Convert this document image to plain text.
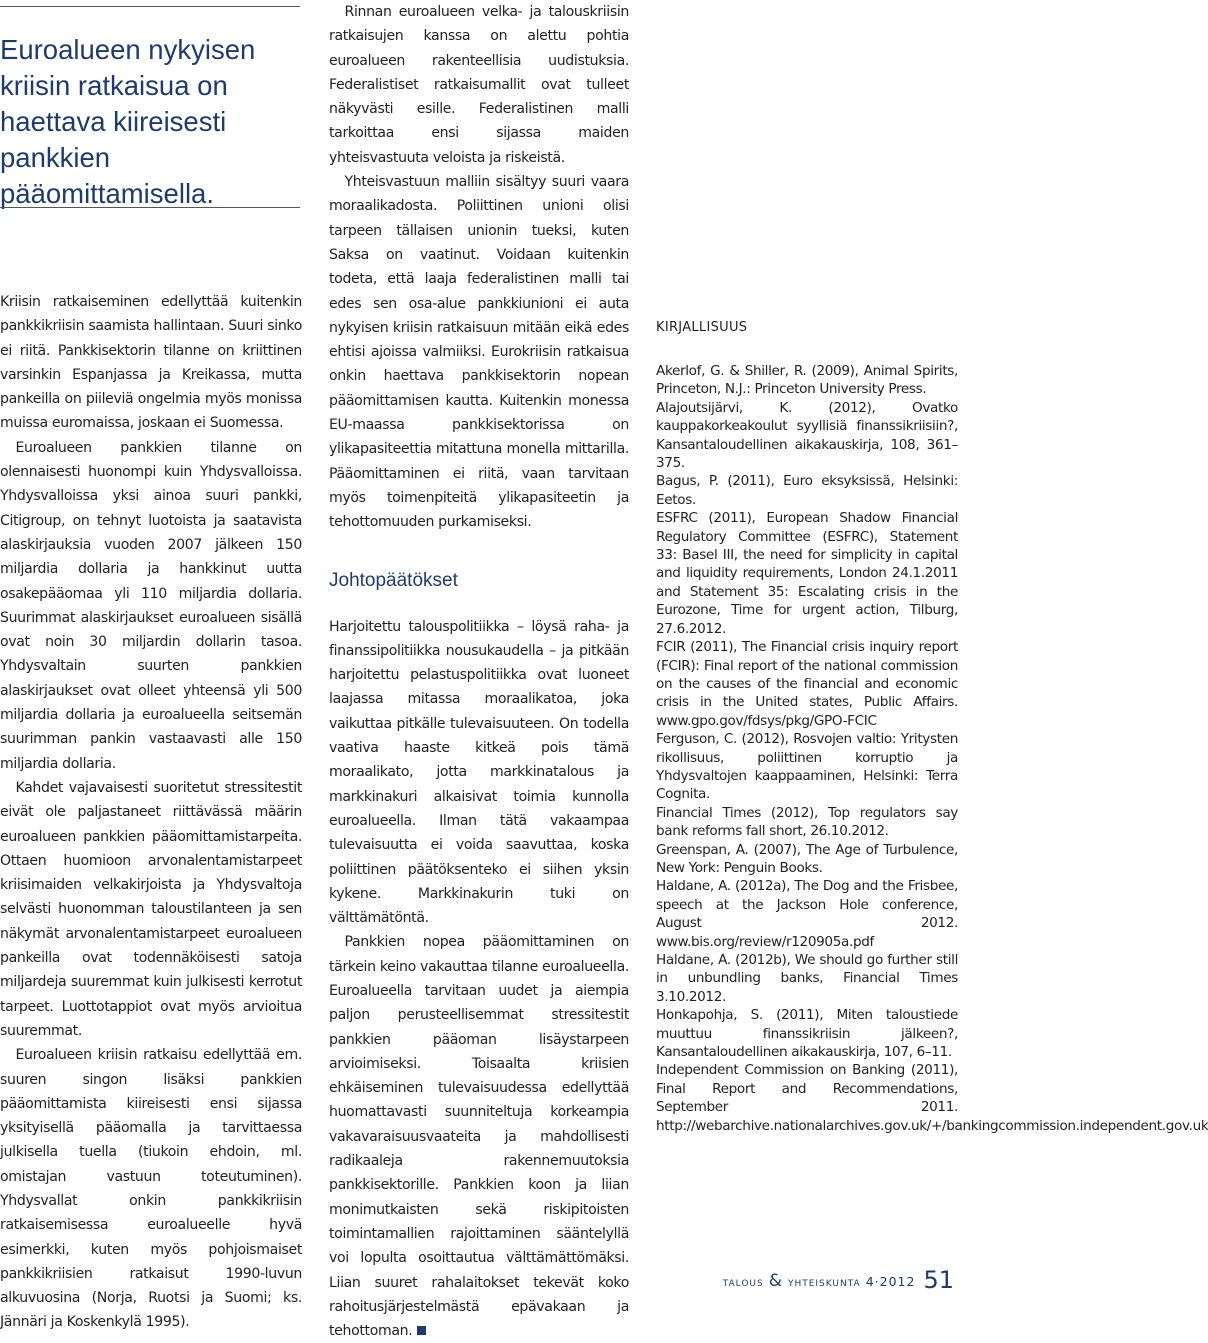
Euroalueen nykyisen kriisin ratkaisua on haettava kiireisesti pankkien pääomittamisella.

Kriisin ratkaiseminen edellyttää kuitenkin pankkikriisin saamista hallintaan. Suuri sinko ei riitä. Pankkisektorin tilanne on kriittinen varsinkin Espanjassa ja Kreikassa, mutta pankeilla on piileviä ongelmia myös monissa muissa euromaissa, joskaan ei Suomessa.

Euroalueen pankkien tilanne on olennaisesti huonompi kuin Yhdysvalloissa. Yhdysvalloissa yksi ainoa suuri pankki, Citigroup, on tehnyt luotoista ja saatavista alaskirjauksia vuoden 2007 jälkeen 150 miljardia dollaria ja hankkinut uutta osakepääomaa yli 110 miljardia dollaria. Suurimmat alaskirjaukset euroalueen sisällä ovat noin 30 miljardin dollarin tasoa. Yhdysvaltain suurten pankkien alaskirjaukset ovat olleet yhteensä yli 500 miljardia dollaria ja euroalueella seitsemän suurimman pankin vastaavasti alle 150 miljardia dollaria.

Kahdet vajavaisesti suoritetut stressitestit eivät ole paljastaneet riittävässä määrin euroalueen pankkien pääomittamistarpeita. Ottaen huomioon arvonalentamistarpeet kriisimaiden velkakirjoista ja Yhdysvaltoja selvästi huonomman taloustilanteen ja sen näkymät arvonalentamistarpeet euroalueen pankeilla ovat todennäköisesti satoja miljardeja suuremmat kuin julkisesti kerrotut tarpeet. Luottotappiot ovat myös arvioitua suuremmat.

Euroalueen kriisin ratkaisu edellyttää em. suuren singon lisäksi pankkien pääomittamista kiireisesti ensi sijassa yksityisellä pääomalla ja tarvittaessa julkisella tuella (tiukoin ehdoin, ml. omistajan vastuun toteutuminen). Yhdysvallat onkin pankkikriisin ratkaisemisessa euroalueelle hyvä esimerkki, kuten myös pohjoismaiset pankkikriisien ratkaisut 1990-luvun alkuvuosina (Norja, Ruotsi ja Suomi; ks. Jännäri ja Koskenkylä 1995).

Rinnan euroalueen velka- ja talouskriisin ratkaisujen kanssa on alettu pohtia euroalueen rakenteellisia uudistuksia. Federalistiset ratkaisumallit ovat tulleet näkyvästi esille. Federalistinen malli tarkoittaa ensi sijassa maiden yhteisvastuuta veloista ja riskeistä.

Yhteisvastuun malliin sisältyy suuri vaara moraalikadosta. Poliittinen unioni olisi tarpeen tällaisen unionin tueksi, kuten Saksa on vaatinut. Voidaan kuitenkin todeta, että laaja federalistinen malli tai edes sen osa-alue pankkiunioni ei auta nykyisen kriisin ratkaisuun mitään eikä edes ehtisi ajoissa valmiiksi. Eurokriisin ratkaisua onkin haettava pankkisektorin nopean pääomittamisen kautta. Kuitenkin monessa EU-maassa pankkisektorissa on ylikapasiteettia mitattuna monella mittarilla. Pääomittaminen ei riitä, vaan tarvitaan myös toimenpiteitä ylikapasiteetin ja tehottomuuden purkamiseksi.

Johtopäätökset

Harjoitettu talouspolitiikka – löysä raha- ja finanssipolitiikka nousukaudella – ja pitkään harjoitettu pelastuspolitiikka ovat luoneet laajassa mitassa moraalikatoa, joka vaikuttaa pitkälle tulevaisuuteen. On todella vaativa haaste kitkeä pois tämä moraalikato, jotta markkinatalous ja markkinakuri alkaisivat toimia kunnolla euroalueella. Ilman tätä vakaampaa tulevaisuutta ei voida saavuttaa, koska poliittinen päätöksenteko ei siihen yksin kykene. Markkinakurin tuki on välttämätöntä.

Pankkien nopea pääomittaminen on tärkein keino vakauttaa tilanne euroalueella. Euroalueella tarvitaan uudet ja aiempia paljon perusteellisemmat stressitestit pankkien pääoman lisäystarpeen arvioimiseksi. Toisaalta kriisien ehkäiseminen tulevaisuudessa edellyttää huomattavasti suunniteltuja korkeampia vakavaraisuusvaateita ja mahdollisesti radikaaleja rakennemuutoksia pankkisektorille. Pankkien koon ja liian monimutkaisten sekä riskipitoisten toimintamallien rajoittaminen sääntelyllä voi lopulta osoittautua välttämättömäksi. Liian suuret rahalaitokset tekevät koko rahoitusjärjestelmästä epävakaan ja tehottoman.

KIRJALLISUUS
Akerlof, G. & Shiller, R. (2009), Animal Spirits, Princeton, N.J.: Princeton University Press.
Alajoutsijärvi, K. (2012), Ovatko kauppakorkeakoulut syyllisiä finanssikriisiin?, Kansantaloudellinen aikakauskirja, 108, 361–375.
Bagus, P. (2011), Euro eksyksissä, Helsinki: Eetos.
ESFRC (2011), European Shadow Financial Regulatory Committee (ESFRC), Statement 33: Basel III, the need for simplicity in capital and liquidity requirements, London 24.1.2011 and Statement 35: Escalating crisis in the Eurozone, Time for urgent action, Tilburg, 27.6.2012.
FCIR (2011), The Financial crisis inquiry report (FCIR): Final report of the national commission on the causes of the financial and economic crisis in the United states, Public Affairs. www.gpo.gov/fdsys/pkg/GPO-FCIC
Ferguson, C. (2012), Rosvojen valtio: Yritysten rikollisuus, poliittinen korruptio ja Yhdysvaltojen kaappaaminen, Helsinki: Terra Cognita.
Financial Times (2012), Top regulators say bank reforms fall short, 26.10.2012.
Greenspan, A. (2007), The Age of Turbulence, New York: Penguin Books.
Haldane, A. (2012a), The Dog and the Frisbee, speech at the Jackson Hole conference, August 2012. www.bis.org/review/r120905a.pdf
Haldane, A. (2012b), We should go further still in unbundling banks, Financial Times 3.10.2012.
Honkapohja, S. (2011), Miten taloustiede muuttuu finanssikriisin jälkeen?, Kansantaloudellinen aikakauskirja, 107, 6–11.
Independent Commission on Banking (2011), Final Report and Recommendations, September 2011. http://webarchive.nationalarchives.gov.uk/+/bankingcommission.independent.gov.uk
talous & yhteiskunta 4·2012 51
